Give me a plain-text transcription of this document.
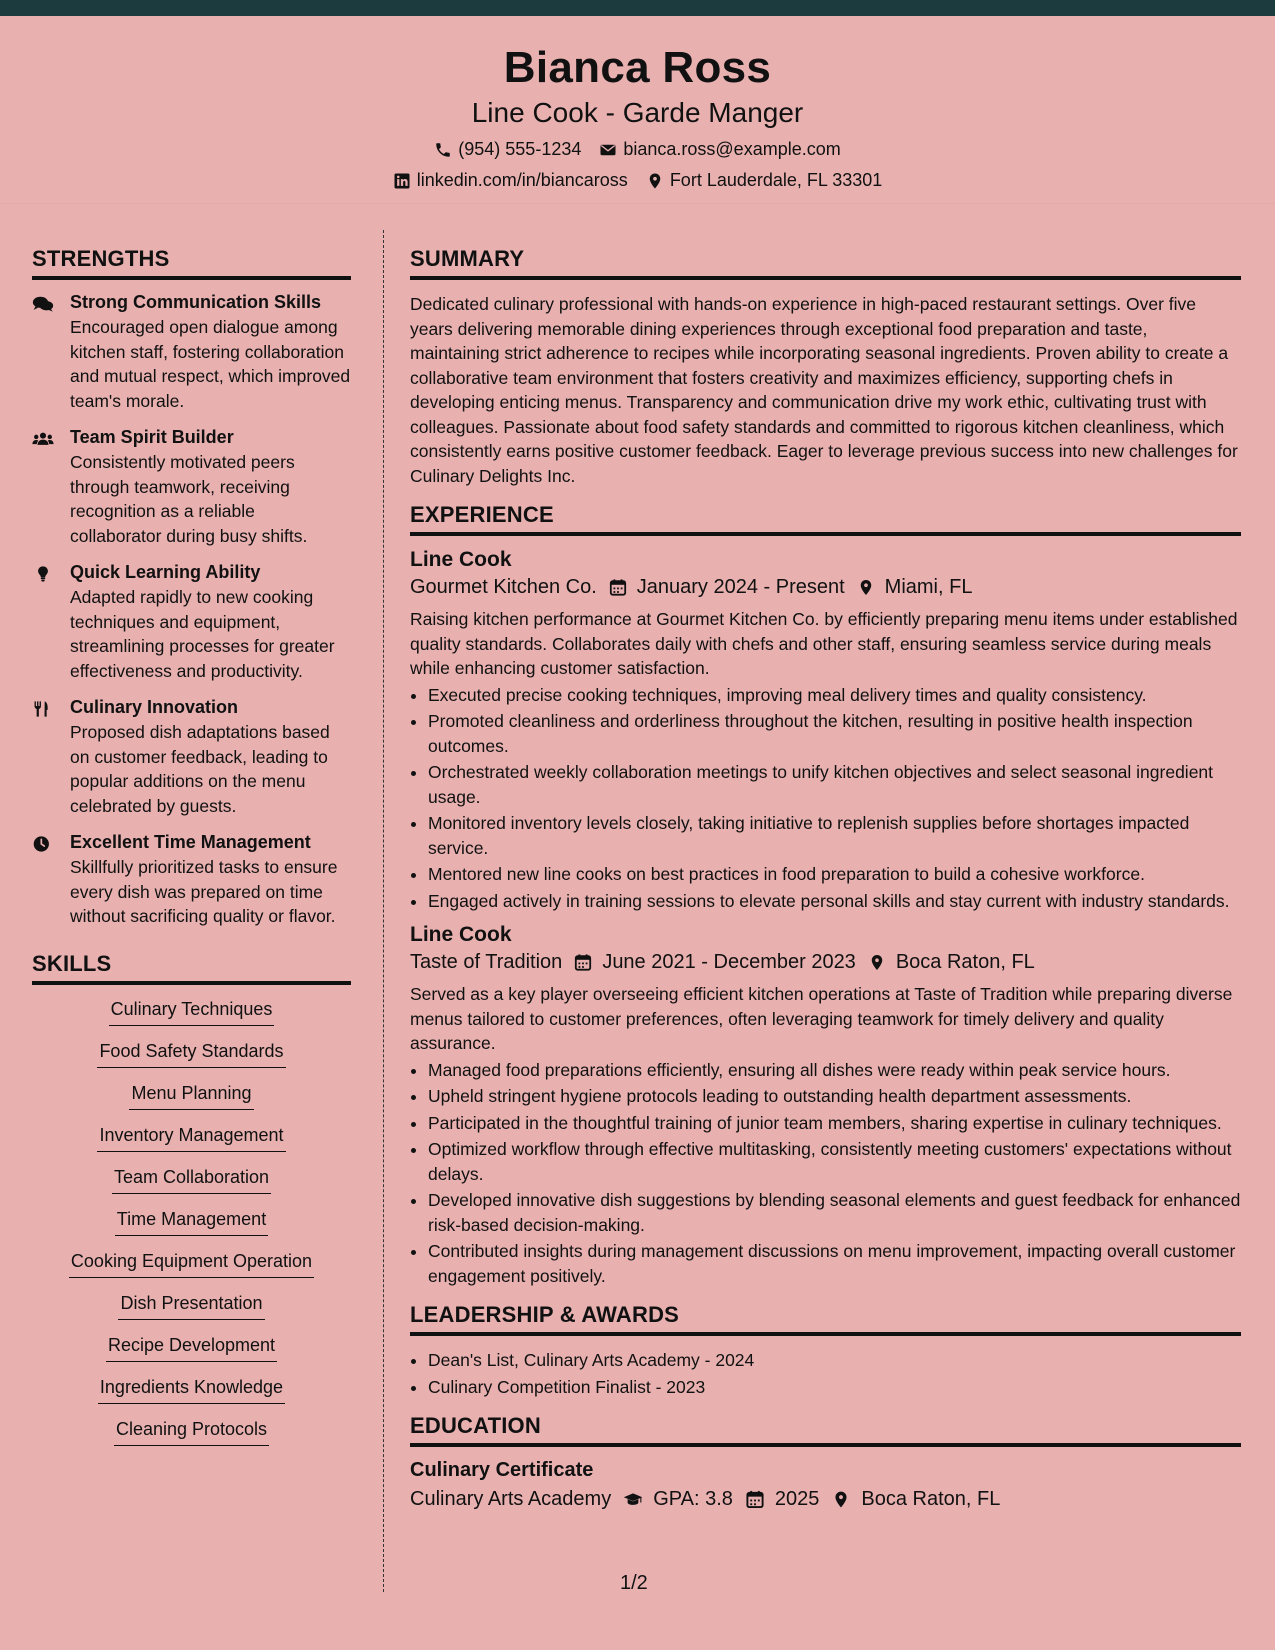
Bianca Ross
Line Cook - Garde Manger
(954) 555-1234 bianca.ross@example.com
linkedin.com/in/biancaross Fort Lauderdale, FL 33301
STRENGTHS
Strong Communication Skills

Encouraged open dialogue among kitchen staff, fostering collaboration and mutual respect, which improved team's morale.

Team Spirit Builder

Consistently motivated peers through teamwork, receiving recognition as a reliable collaborator during busy shifts.

Quick Learning Ability

Adapted rapidly to new cooking techniques and equipment, streamlining processes for greater effectiveness and productivity.

Culinary Innovation

Proposed dish adaptations based on customer feedback, leading to popular additions on the menu celebrated by guests.

Excellent Time Management

Skillfully prioritized tasks to ensure every dish was prepared on time without sacrificing quality or flavor.

SKILLS
Culinary Techniques
Food Safety Standards
Menu Planning
Inventory Management
Team Collaboration
Time Management
Cooking Equipment Operation
Dish Presentation
Recipe Development
Ingredients Knowledge
Cleaning Protocols
SUMMARY

Dedicated culinary professional with hands-on experience in high-paced restaurant settings. Over five years delivering memorable dining experiences through exceptional food preparation and taste, maintaining strict adherence to recipes while incorporating seasonal ingredients. Proven ability to create a collaborative team environment that fosters creativity and maximizes efficiency, supporting chefs in developing enticing menus. Transparency and communication drive my work ethic, cultivating trust with colleagues. Passionate about food safety standards and committed to rigorous kitchen cleanliness, which consistently earns positive customer feedback. Eager to leverage previous success into new challenges for Culinary Delights Inc.

EXPERIENCE
Line Cook
Gourmet Kitchen Co. January 2024 - Present Miami, FL

Raising kitchen performance at Gourmet Kitchen Co. by efficiently preparing menu items under established quality standards. Collaborates daily with chefs and other staff, ensuring seamless service during meals while enhancing customer satisfaction.

• Executed precise cooking techniques, improving meal delivery times and quality consistency.
• Promoted cleanliness and orderliness throughout the kitchen, resulting in positive health inspection outcomes.
• Orchestrated weekly collaboration meetings to unify kitchen objectives and select seasonal ingredient usage.
• Monitored inventory levels closely, taking initiative to replenish supplies before shortages impacted service.
• Mentored new line cooks on best practices in food preparation to build a cohesive workforce.
• Engaged actively in training sessions to elevate personal skills and stay current with industry standards.
Line Cook
Taste of Tradition June 2021 - December 2023 Boca Raton, FL

Served as a key player overseeing efficient kitchen operations at Taste of Tradition while preparing diverse menus tailored to customer preferences, often leveraging teamwork for timely delivery and quality assurance.

• Managed food preparations efficiently, ensuring all dishes were ready within peak service hours.
• Upheld stringent hygiene protocols leading to outstanding health department assessments.
• Participated in the thoughtful training of junior team members, sharing expertise in culinary techniques.
• Optimized workflow through effective multitasking, consistently meeting customers' expectations without delays.
• Developed innovative dish suggestions by blending seasonal elements and guest feedback for enhanced risk-based decision-making.
• Contributed insights during management discussions on menu improvement, impacting overall customer engagement positively.
LEADERSHIP & AWARDS
• Dean's List, Culinary Arts Academy - 2024
• Culinary Competition Finalist - 2023
EDUCATION
Culinary Certificate
Culinary Arts Academy GPA: 3.8 2025 Boca Raton, FL
1/2
